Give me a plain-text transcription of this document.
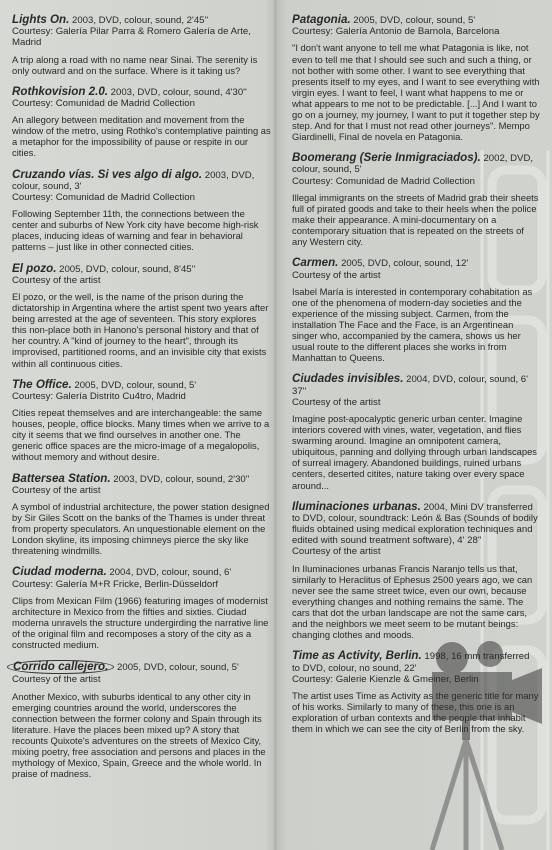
Lights On. 2003, DVD, colour, sound, 2'45''
Courtesy: Galería Pilar Parra & Romero Galería de Arte, Madrid

A trip along a road with no name near Sinai. The serenity is only outward and on the surface. Where is it taking us?

Rothkovision 2.0. 2003, DVD, colour, sound, 4'30''
Courtesy: Comunidad de Madrid Collection

An allegory between meditation and movement from the window of the metro, using Rothko's contemplative painting as a metaphor for the impossibility of pause or respite in our cities.

Cruzando vías. Si ves algo di algo. 2003, DVD, colour, sound, 3'
Courtesy: Comunidad de Madrid Collection

Following September 11th, the connections between the center and suburbs of New York city have become high-risk places, inducing ideas of warning and fear in behavioral patterns – just like in other connected cities.

El pozo. 2005, DVD, colour, sound, 8'45''
Courtesy of the artist

El pozo, or the well, is the name of the prison during the dictatorship in Argentina where the artist spent two years after being arrested at the age of seventeen. This story explores this non-place both in Hanono's personal history and that of her country. A "kind of journey to the heart", through its improvised, partitioned rooms, and an invisible city that exists within all continuous cities.

The Office. 2005, DVD, colour, sound, 5'
Courtesy: Galería Distrito Cu4tro, Madrid

Cities repeat themselves and are interchangeable: the same houses, people, office blocks. Many times when we arrive to a city it seems that we find ourselves in another one. The generic office spaces are the micro-image of a megalopolis, without memory and without desire.

Battersea Station. 2003, DVD, colour, sound, 2'30''
Courtesy of the artist

A symbol of industrial architecture, the power station designed by Sir Giles Scott on the banks of the Thames is under threat from property speculators. An unquestionable element on the London skyline, its imposing chimneys pierce the sky like threatening windmills.

Ciudad moderna. 2004, DVD, colour, sound, 6'
Courtesy: Galería M+R Fricke, Berlin-Düsseldorf

Clips from Mexican Film (1966) featuring images of modernist architecture in Mexico from the fifties and sixties. Ciudad moderna unravels the structure undergirding the narrative line of the original film and recomposes a story of the city as a constructed medium.

Corrido callejero. 2005, DVD, colour, sound, 5'
Courtesy of the artist

Another Mexico, with suburbs identical to any other city in emerging countries around the world, underscores the connection between the former colony and Spain through its literature. Have the places been mixed up? A story that recounts Quixote's adventures on the streets of Mexico City, mixing poetry, free association and persons and places in the mythology of Mexico, Spain, Greece and the whole world. In praise of madness.

Patagonia. 2005, DVD, colour, sound, 5'
Courtesy: Galería Antonio de Barnola, Barcelona

"I don't want anyone to tell me what Patagonia is like, not even to tell me that I should see such and such a thing, or not bother with some other. I want to see everything that presents itself to my eyes, and I want to see everything with virgin eyes. I want to feel, I want what happens to me or what appears to me not to be predictable. [...] And I want to go on a journey, my journey, I want to put it together step by step. And for that I must not read other journeys". Mempo Giardinelli, Final de novela en Patagonia.

Boomerang (Serie Inmigraciados). 2002, DVD, colour, sound, 5'
Courtesy: Comunidad de Madrid Collection

Illegal immigrants on the streets of Madrid grab their sheets full of pirated goods and take to their heels when the police make their appearance. A mini-documentary on a contemporary situation that is repeated on the streets of any Western city.

Carmen. 2005, DVD, colour, sound, 12'
Courtesy of the artist

Isabel María is interested in contemporary cohabitation as one of the phenomena of modern-day societies and the experience of the missing subject. Carmen, from the installation The Face and the Face, is an Argentinean singer who, accompanied by the camera, shows us her usual route to the different places she works in from Manhattan to Queens.

Ciudades invisibles. 2004, DVD, colour, sound, 6' 37''
Courtesy of the artist

Imagine post-apocalyptic generic urban center. Imagine interiors covered with vines, water, vegetation, and flies swarming around. Imagine an omnipotent camera, ubiquitous, panning and dollying through urban landscapes of surreal imagery. Abandoned buildings, ruined urbans centers, deserted citites, nature taking over every space around...

Iluminaciones urbanas. 2004, Mini DV transferred to DVD, colour, soundtrack: León & Bas (Sounds of bodily fluids obtained using medical exploration techniques and edited with sound treatment software), 4' 28''
Courtesy of the artist

In Iluminaciones urbanas Francis Naranjo tells us that, similarly to Heraclitus of Ephesus 2500 years ago, we can never see the same street twice, even our own, because everything changes and nothing remains the same. The cars that dot the urban landscape are not the same cars, and the neighbors we meet seem to be mutant beings: changing clothes and moods.

Time as Activity, Berlin. 1998, 16 mm transferred to DVD, colour, no sound, 22'
Courtesy: Galerie Kienzle & Gmeiner, Berlin

The artist uses Time as Activity as the generic title for many of his works. Similarly to many of these, this one is an exploration of urban contexts and the people that inhabit them in which we can see the city of Berlin from the sky.
